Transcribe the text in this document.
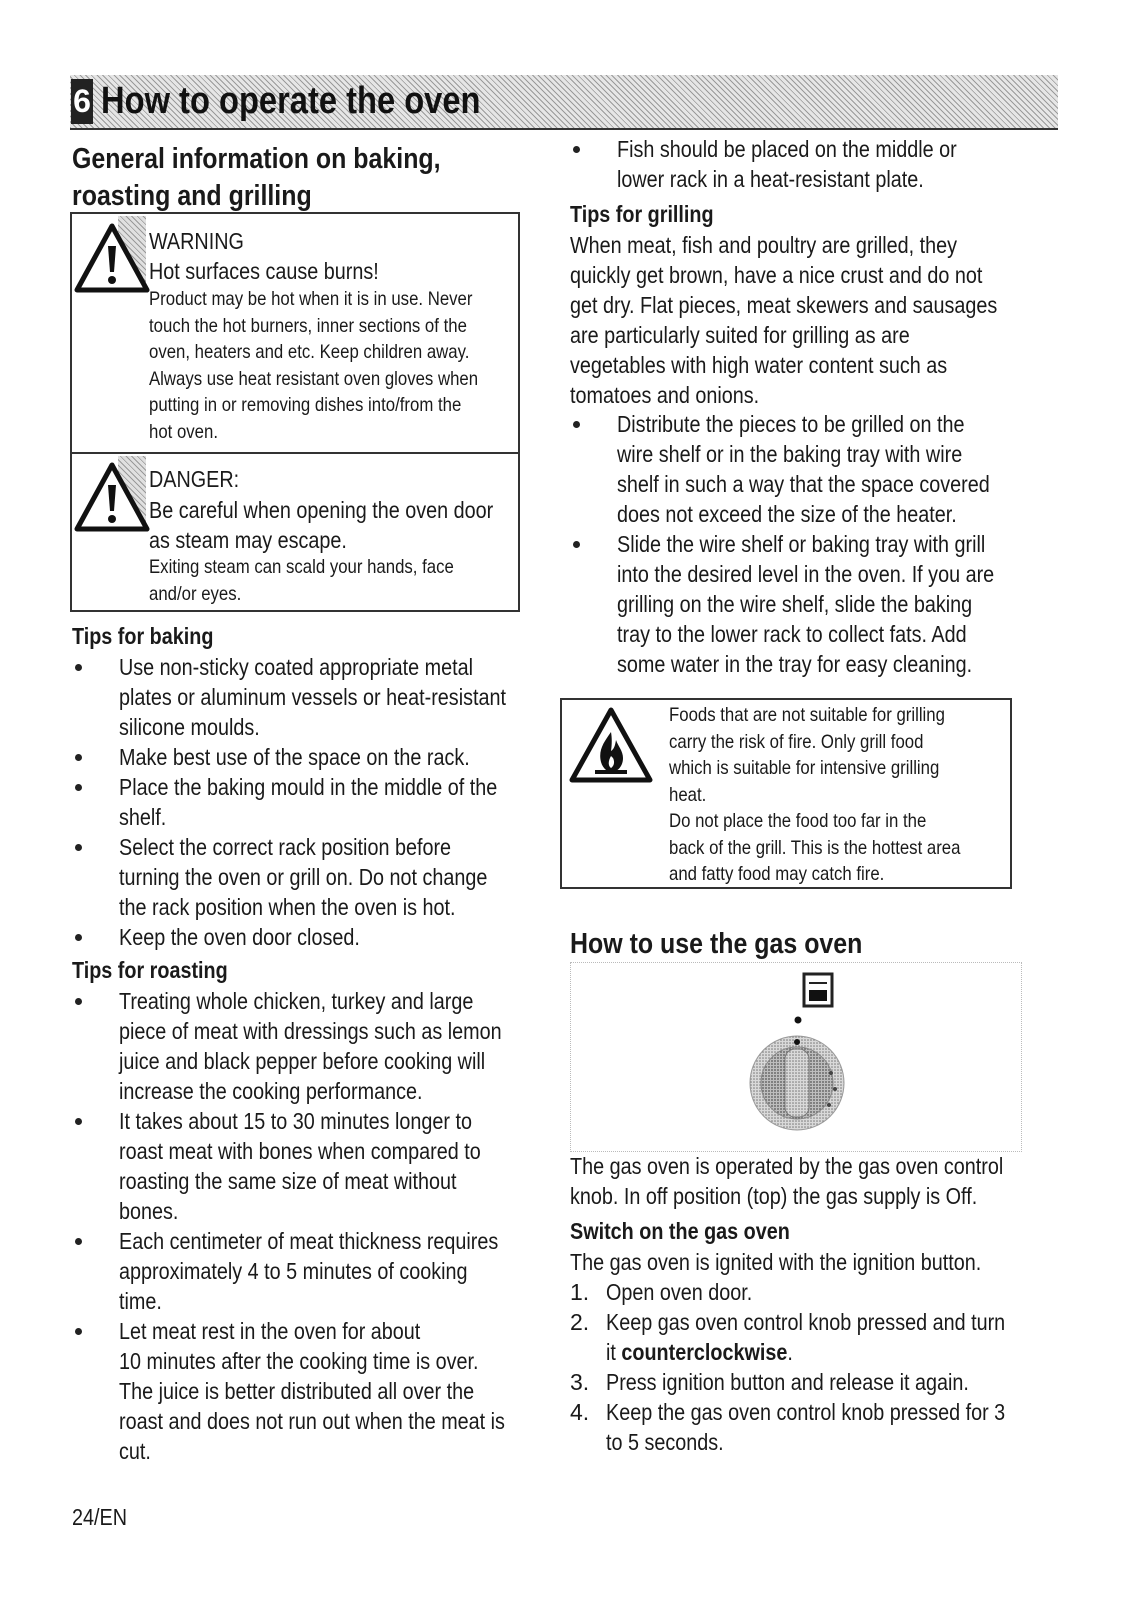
6 How to operate the oven
General information on baking,
roasting and grilling
WARNING
Hot surfaces cause burns!
Product may be hot when it is in use. Never
touch the hot burners, inner sections of the
oven, heaters and etc. Keep children away.
Always use heat resistant oven gloves when
putting in or removing dishes into/from the
hot oven.
DANGER:
Be careful when opening the oven door
as steam may escape.
Exiting steam can scald your hands, face
and/or eyes.
Tips for baking
Use non-sticky coated appropriate metal
plates or aluminum vessels or heat-resistant
silicone moulds.
Make best use of the space on the rack.
Place the baking mould in the middle of the
shelf.
Select the correct rack position before
turning the oven or grill on. Do not change
the rack position when the oven is hot.
Keep the oven door closed.
Tips for roasting
Treating whole chicken, turkey and large
piece of meat with dressings such as lemon
juice and black pepper before cooking will
increase the cooking performance.
It takes about 15 to 30 minutes longer to
roast meat with bones when compared to
roasting the same size of meat without
bones.
Each centimeter of meat thickness requires
approximately 4 to 5 minutes of cooking
time.
Let meat rest in the oven for about
10 minutes after the cooking time is over.
The juice is better distributed all over the
roast and does not run out when the meat is
cut.
24/EN
Fish should be placed on the middle or
lower rack in a heat-resistant plate.
Tips for grilling
When meat, fish and poultry are grilled, they
quickly get brown, have a nice crust and do not
get dry. Flat pieces, meat skewers and sausages
are particularly suited for grilling as are
vegetables with high water content such as
tomatoes and onions.
Distribute the pieces to be grilled on the
wire shelf or in the baking tray with wire
shelf in such a way that the space covered
does not exceed the size of the heater.
Slide the wire shelf or baking tray with grill
into the desired level in the oven. If you are
grilling on the wire shelf, slide the baking
tray to the lower rack to collect fats. Add
some water in the tray for easy cleaning.
Foods that are not suitable for grilling
carry the risk of fire. Only grill food
which is suitable for intensive grilling
heat.
Do not place the food too far in the
back of the grill. This is the hottest area
and fatty food may catch fire.
How to use the gas oven
The gas oven is operated by the gas oven control
knob. In off position (top) the gas supply is Off.
Switch on the gas oven
The gas oven is ignited with the ignition button.
1. Open oven door.
2. Keep gas oven control knob pressed and turn
it counterclockwise.
3. Press ignition button and release it again.
4. Keep the gas oven control knob pressed for 3
to 5 seconds.
